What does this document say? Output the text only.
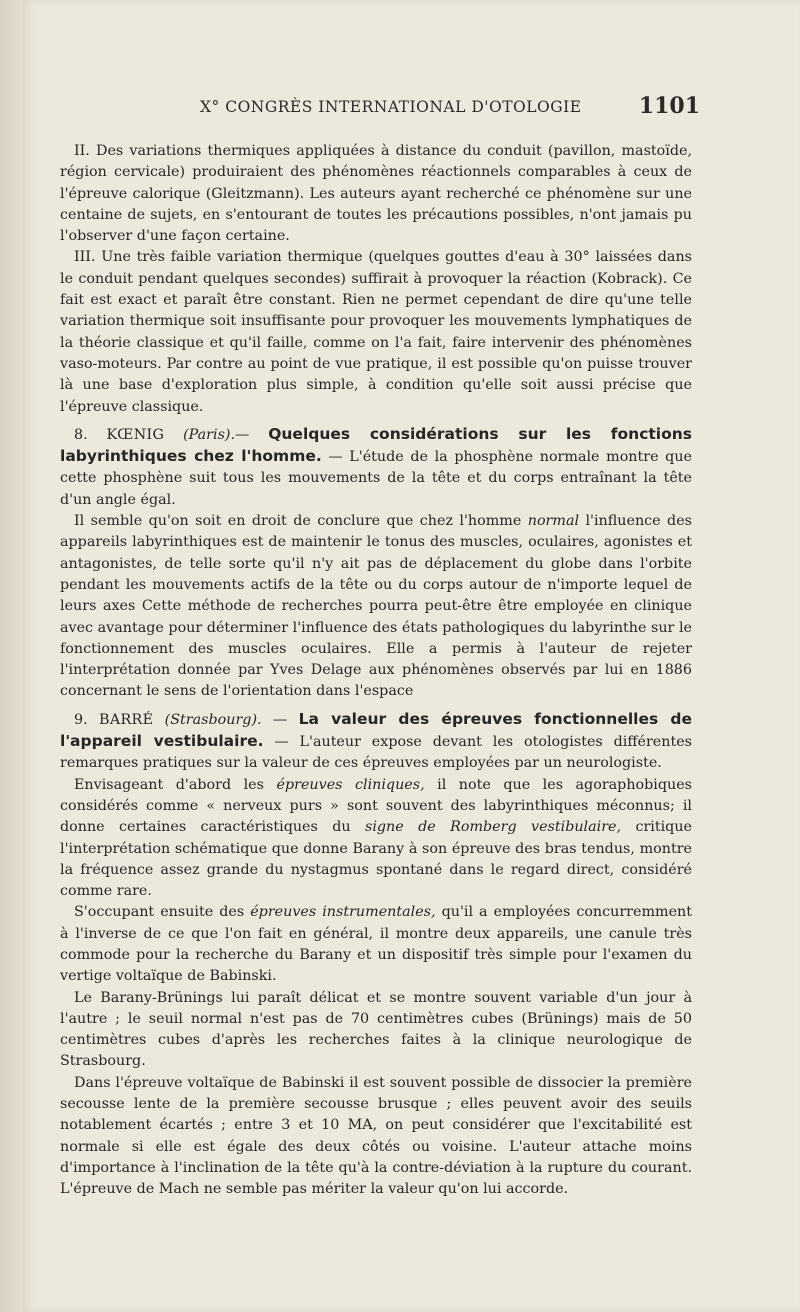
X° CONGRÈS INTERNATIONAL D'OTOLOGIE	1101

II. Des variations thermiques appliquées à distance du conduit (pavillon, mastoïde, région cervicale) produiraient des phénomènes réactionnels comparables à ceux de l'épreuve calorique (Gleitzmann). Les auteurs ayant recherché ce phénomène sur une centaine de sujets, en s'entourant de toutes les précautions possibles, n'ont jamais pu l'observer d'une façon certaine.

III. Une très faible variation thermique (quelques gouttes d'eau à 30° laissées dans le conduit pendant quelques secondes) suffirait à provoquer la réaction (Kobrack). Ce fait est exact et paraît être constant. Rien ne permet cependant de dire qu'une telle variation thermique soit insuffisante pour provoquer les mouvements lymphatiques de la théorie classique et qu'il faille, comme on l'a fait, faire intervenir des phénomènes vaso-moteurs. Par contre au point de vue pratique, il est possible qu'on puisse trouver là une base d'exploration plus simple, à condition qu'elle soit aussi précise que l'épreuve classique.

8. KŒNIG (Paris).— Quelques considérations sur les fonctions labyrinthiques chez l'homme. — L'étude de la phosphène normale montre que cette phosphène suit tous les mouvements de la tête et du corps entraînant la tête d'un angle égal.

Il semble qu'on soit en droit de conclure que chez l'homme normal l'influence des appareils labyrinthiques est de maintenir le tonus des muscles, oculaires, agonistes et antagonistes, de telle sorte qu'il n'y ait pas de déplacement du globe dans l'orbite pendant les mouvements actifs de la tête ou du corps autour de n'importe lequel de leurs axes Cette méthode de recherches pourra peut-être être employée en clinique avec avantage pour déterminer l'influence des états pathologiques du labyrinthe sur le fonctionnement des muscles oculaires. Elle a permis à l'auteur de rejeter l'interprétation donnée par Yves Delage aux phénomènes observés par lui en 1886 concernant le sens de l'orientation dans l'espace

9. BARRÉ (Strasbourg). — La valeur des épreuves fonctionnelles de l'appareil vestibulaire. — L'auteur expose devant les otologistes différentes remarques pratiques sur la valeur de ces épreuves employées par un neurologiste.

Envisageant d'abord les épreuves cliniques, il note que les agoraphobiques considérés comme « nerveux purs » sont souvent des labyrinthiques méconnus; il donne certaines caractéristiques du signe de Romberg vestibulaire, critique l'interprétation schématique que donne Barany à son épreuve des bras tendus, montre la fréquence assez grande du nystagmus spontané dans le regard direct, considéré comme rare.

S'occupant ensuite des épreuves instrumentales, qu'il a employées concurremment à l'inverse de ce que l'on fait en général, il montre deux appareils, une canule très commode pour la recherche du Barany et un dispositif très simple pour l'examen du vertige voltaïque de Babinski.

Le Barany-Brünings lui paraît délicat et se montre souvent variable d'un jour à l'autre ; le seuil normal n'est pas de 70 centimètres cubes (Brünings) mais de 50 centimètres cubes d'après les recherches faites à la clinique neurologique de Strasbourg.

Dans l'épreuve voltaïque de Babinski il est souvent possible de dissocier la première secousse lente de la première secousse brusque ; elles peuvent avoir des seuils notablement écartés ; entre 3 et 10 MA, on peut considérer que l'excitabilité est normale si elle est égale des deux côtés ou voisine. L'auteur attache moins d'importance à l'inclination de la tête qu'à la contre-déviation à la rupture du courant. L'épreuve de Mach ne semble pas mériter la valeur qu'on lui accorde.
